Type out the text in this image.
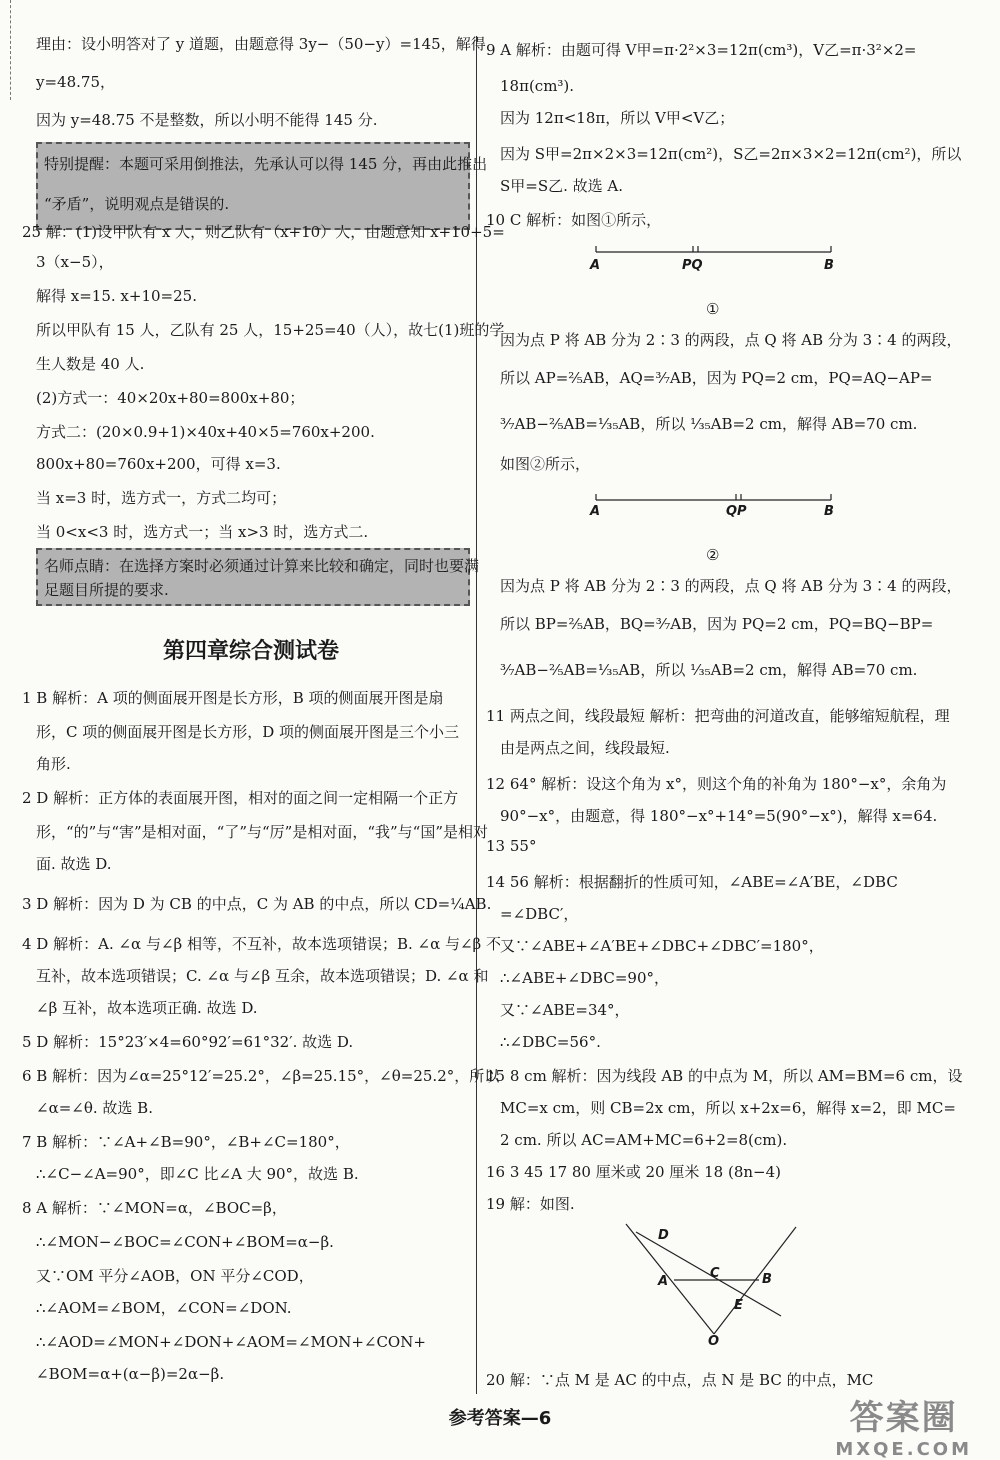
理由：设小明答对了 y 道题，由题意得 3y−（50−y）=145，解得
y=48.75，
因为 y=48.75 不是整数，所以小明不能得 145 分.
特别提醒：本题可采用倒推法，先承认可以得 145 分，再由此推出
“矛盾”，说明观点是错误的.
25 解：(1)设甲队有 x 人，则乙队有（x+10）人，由题意知 x+10+5=
3（x−5），
解得 x=15. x+10=25.
所以甲队有 15 人，乙队有 25 人，15+25=40（人），故七(1)班的学
生人数是 40 人.
(2)方式一：40×20x+80=800x+80；
方式二：(20×0.9+1)×40x+40×5=760x+200.
800x+80=760x+200，可得 x=3.
当 x=3 时，选方式一，方式二均可；
当 0<x<3 时，选方式一；当 x>3 时，选方式二.
名师点睛：在选择方案时必须通过计算来比较和确定，同时也要满
足题目所提的要求.
第四章综合测试卷
1 B 解析：A 项的侧面展开图是长方形，B 项的侧面展开图是扇
形，C 项的侧面展开图是长方形，D 项的侧面展开图是三个小三
角形.
2 D 解析：正方体的表面展开图，相对的面之间一定相隔一个正方
形，“的”与“害”是相对面，“了”与“厉”是相对面，“我”与“国”是相对
面. 故选 D.
3 D 解析：因为 D 为 CB 的中点，C 为 AB 的中点，所以 CD=¼AB.
4 D 解析：A. ∠α 与∠β 相等，不互补，故本选项错误；B. ∠α 与∠β 不
互补，故本选项错误；C. ∠α 与∠β 互余，故本选项错误；D. ∠α 和
∠β 互补，故本选项正确. 故选 D.
5 D 解析：15°23′×4=60°92′=61°32′. 故选 D.
6 B 解析：因为∠α=25°12′=25.2°，∠β=25.15°，∠θ=25.2°，所以
∠α=∠θ. 故选 B.
7 B 解析：∵∠A+∠B=90°，∠B+∠C=180°，
∴∠C−∠A=90°，即∠C 比∠A 大 90°，故选 B.
8 A 解析：∵∠MON=α，∠BOC=β，
∴∠MON−∠BOC=∠CON+∠BOM=α−β.
又∵OM 平分∠AOB，ON 平分∠COD，
∴∠AOM=∠BOM，∠CON=∠DON.
∴∠AOD=∠MON+∠DON+∠AOM=∠MON+∠CON+
∠BOM=α+(α−β)=2α−β.
9 A 解析：由题可得 V甲=π·2²×3=12π(cm³)，V乙=π·3²×2=
18π(cm³).
因为 12π<18π，所以 V甲<V乙；
因为 S甲=2π×2×3=12π(cm²)，S乙=2π×3×2=12π(cm²)，所以
S甲=S乙. 故选 A.
10 C 解析：如图①所示，
A	PQ	B
①
因为点 P 将 AB 分为 2∶3 的两段，点 Q 将 AB 分为 3∶4 的两段，
所以 AP=⅖AB，AQ=³⁄₇AB，因为 PQ=2 cm，PQ=AQ−AP=
³⁄₇AB−⅖AB=¹⁄₃₅AB，所以 ¹⁄₃₅AB=2 cm，解得 AB=70 cm.
如图②所示，
A	QP	B
②
因为点 P 将 AB 分为 2∶3 的两段，点 Q 将 AB 分为 3∶4 的两段，
所以 BP=⅖AB，BQ=³⁄₇AB，因为 PQ=2 cm，PQ=BQ−BP=
³⁄₇AB−⅖AB=¹⁄₃₅AB，所以 ¹⁄₃₅AB=2 cm，解得 AB=70 cm.
11 两点之间，线段最短 解析：把弯曲的河道改直，能够缩短航程，理
由是两点之间，线段最短.
12 64° 解析：设这个角为 x°，则这个角的补角为 180°−x°，余角为
90°−x°，由题意，得 180°−x°+14°=5(90°−x°)，解得 x=64.
13 55°
14 56 解析：根据翻折的性质可知，∠ABE=∠A′BE，∠DBC
=∠DBC′，
又∵∠ABE+∠A′BE+∠DBC+∠DBC′=180°，
∴∠ABE+∠DBC=90°，
又∵∠ABE=34°，
∴∠DBC=56°.
15 8 cm 解析：因为线段 AB 的中点为 M，所以 AM=BM=6 cm，设
MC=x cm，则 CB=2x cm，所以 x+2x=6，解得 x=2，即 MC=
2 cm. 所以 AC=AM+MC=6+2=8(cm).
16 3 45 17 80 厘米或 20 厘米 18 (8n−4)
19 解：如图.
D
A
C	B
E
O
20 解：∵点 M 是 AC 的中点，点 N 是 BC 的中点，MC
参考答案—6	答案圈
MXQE.COM
